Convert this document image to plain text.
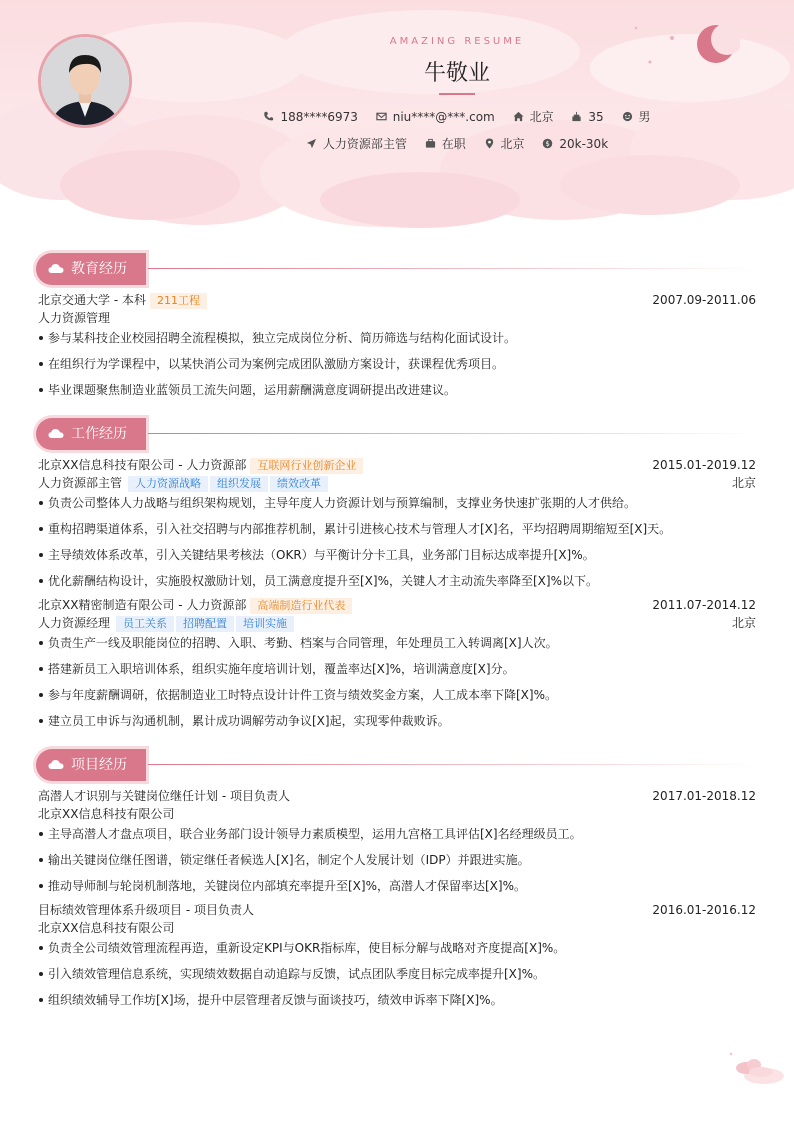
AMAZING RESUME
牛敬业
188****6973	niu****@***.com	北京	35	男
人力资源部主管	在职	北京	$ 20k-30k
教育经历
北京交通大学 - 本科 211工程	2007.09-2011.06
人力资源管理
参与某科技企业校园招聘全流程模拟，独立完成岗位分析、简历筛选与结构化面试设计。
在组织行为学课程中，以某快消公司为案例完成团队激励方案设计，获课程优秀项目。
毕业课题聚焦制造业蓝领员工流失问题，运用薪酬满意度调研提出改进建议。
工作经历
北京XX信息科技有限公司 - 人力资源部 互联网行业创新企业	2015.01-2019.12
人力资源部主管 人力资源战略 组织发展 绩效改革	北京
负责公司整体人力战略与组织架构规划，主导年度人力资源计划与预算编制，支撑业务快速扩张期的人才供给。
重构招聘渠道体系，引入社交招聘与内部推荐机制，累计引进核心技术与管理人才[X]名，平均招聘周期缩短至[X]天。
主导绩效体系改革，引入关键结果考核法（OKR）与平衡计分卡工具，业务部门目标达成率提升[X]%。
优化薪酬结构设计，实施股权激励计划，员工满意度提升至[X]%，关键人才主动流失率降至[X]%以下。
北京XX精密制造有限公司 - 人力资源部 高端制造行业代表	2011.07-2014.12
人力资源经理 员工关系 招聘配置 培训实施	北京
负责生产一线及职能岗位的招聘、入职、考勤、档案与合同管理，年处理员工入转调离[X]人次。
搭建新员工入职培训体系，组织实施年度培训计划，覆盖率达[X]%，培训满意度[X]分。
参与年度薪酬调研，依据制造业工时特点设计计件工资与绩效奖金方案，人工成本率下降[X]%。
建立员工申诉与沟通机制，累计成功调解劳动争议[X]起，实现零仲裁败诉。
项目经历
高潜人才识别与关键岗位继任计划 - 项目负责人	2017.01-2018.12
北京XX信息科技有限公司
主导高潜人才盘点项目，联合业务部门设计领导力素质模型，运用九宫格工具评估[X]名经理级员工。
输出关键岗位继任图谱，锁定继任者候选人[X]名，制定个人发展计划（IDP）并跟进实施。
推动导师制与轮岗机制落地，关键岗位内部填充率提升至[X]%，高潜人才保留率达[X]%。
目标绩效管理体系升级项目 - 项目负责人	2016.01-2016.12
北京XX信息科技有限公司
负责全公司绩效管理流程再造，重新设定KPI与OKR指标库，使目标分解与战略对齐度提高[X]%。
引入绩效管理信息系统，实现绩效数据自动追踪与反馈，试点团队季度目标完成率提升[X]%。
组织绩效辅导工作坊[X]场，提升中层管理者反馈与面谈技巧，绩效申诉率下降[X]%。
